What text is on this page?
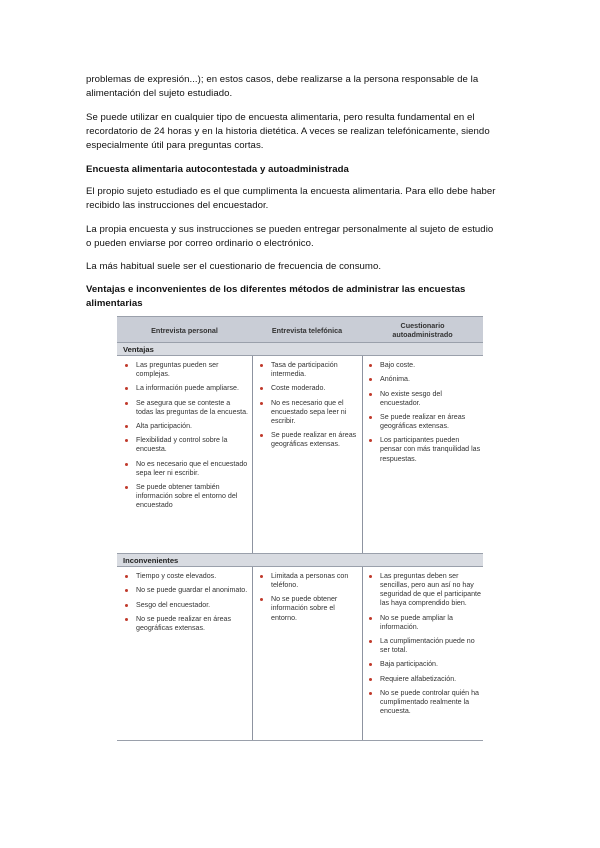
problemas de expresión...); en estos casos, debe realizarse a la persona responsable de la

alimentación del sujeto estudiado.

Se puede utilizar en cualquier tipo de encuesta alimentaria, pero resulta fundamental en el

recordatorio de 24 horas y en la historia dietética. A veces se realizan telefónicamente, siendo

especialmente útil para preguntas cortas.

Encuesta alimentaria autocontestada y autoadministrada

El propio sujeto estudiado es el que cumplimenta la encuesta alimentaria. Para ello debe haber

recibido las instrucciones del encuestador.

La propia encuesta y sus instrucciones se pueden entregar personalmente al sujeto de estudio

o pueden enviarse por correo ordinario o electrónico.

La más habitual suele ser el cuestionario de frecuencia de consumo.

Ventajas e inconvenientes de los diferentes métodos de administrar las encuestas

alimentarias

Entrevista personal	Entrevista telefónica	Cuestionario
autoadministrado
Ventajas
Las preguntas pueden ser complejas.
La información puede ampliarse.
Se asegura que se conteste a todas las preguntas de la encuesta.
Alta participación.
Flexibilidad y control sobre la encuesta.
No es necesario que el encuestado sepa leer ni escribir.
Se puede obtener también información sobre el entorno del encuestado
Tasa de participación intermedia.
Coste moderado.
No es necesario que el encuestado sepa leer ni escribir.
Se puede realizar en áreas geográficas extensas.
Bajo coste.
Anónima.
No existe sesgo del encuestador.
Se puede realizar en áreas geográficas extensas.
Los participantes pueden pensar con más tranquilidad las respuestas.
Inconvenientes
Tiempo y coste elevados.
No se puede guardar el anonimato.
Sesgo del encuestador.
No se puede realizar en áreas geográficas extensas.
Limitada a personas con teléfono.
No se puede obtener información sobre el entorno.
Las preguntas deben ser sencillas, pero aun así no hay seguridad de que el participante las haya comprendido bien.
No se puede ampliar la información.
La cumplimentación puede no ser total.
Baja participación.
Requiere alfabetización.
No se puede controlar quién ha cumplimentado realmente la encuesta.
